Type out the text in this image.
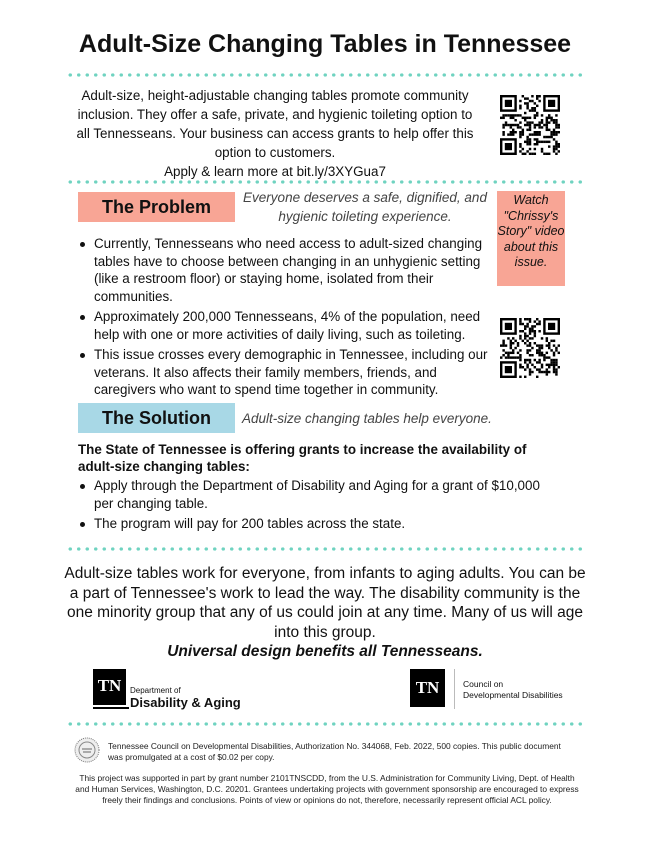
Adult-Size Changing Tables in Tennessee
Adult-size, height-adjustable changing tables promote community inclusion. They offer a safe, private, and hygienic toileting option to all Tennesseans. Your business can access grants to help offer this option to customers.
Apply & learn more at bit.ly/3XYGua7
The Problem	Everyone deserves a safe, dignified, and hygienic toileting experience.
Watch "Chrissy's Story" video about this issue.
Currently, Tennesseans who need access to adult-sized changing tables have to choose between changing in an unhygienic setting (like a restroom floor) or staying home, isolated from their communities.
Approximately 200,000 Tennesseans, 4% of the population, need help with one or more activities of daily living, such as toileting.
This issue crosses every demographic in Tennessee, including our veterans. It also affects their family members, friends, and caregivers who want to spend time together in community.
The Solution	Adult-size changing tables help everyone.
The State of Tennessee is offering grants to increase the availability of adult-size changing tables:
Apply through the Department of Disability and Aging for a grant of $10,000 per changing table.
The program will pay for 200 tables across the state.
Adult-size tables work for everyone, from infants to aging adults. You can be a part of Tennessee's work to lead the way. The disability community is the one minority group that any of us could join at any time. Many of us will age into this group.
Universal design benefits all Tennesseans.
TN	Department of
Disability & Aging
TN	Council on
Developmental Disabilities
Tennessee Council on Developmental Disabilities, Authorization No. 344068, Feb. 2022, 500 copies. This public document was promulgated at a cost of $0.02 per copy.
This project was supported in part by grant number 2101TNSCDD, from the U.S. Administration for Community Living, Dept. of Health and Human Services, Washington, D.C. 20201. Grantees undertaking projects with government sponsorship are encouraged to express freely their findings and conclusions. Points of view or opinions do not, therefore, necessarily represent official ACL policy.
